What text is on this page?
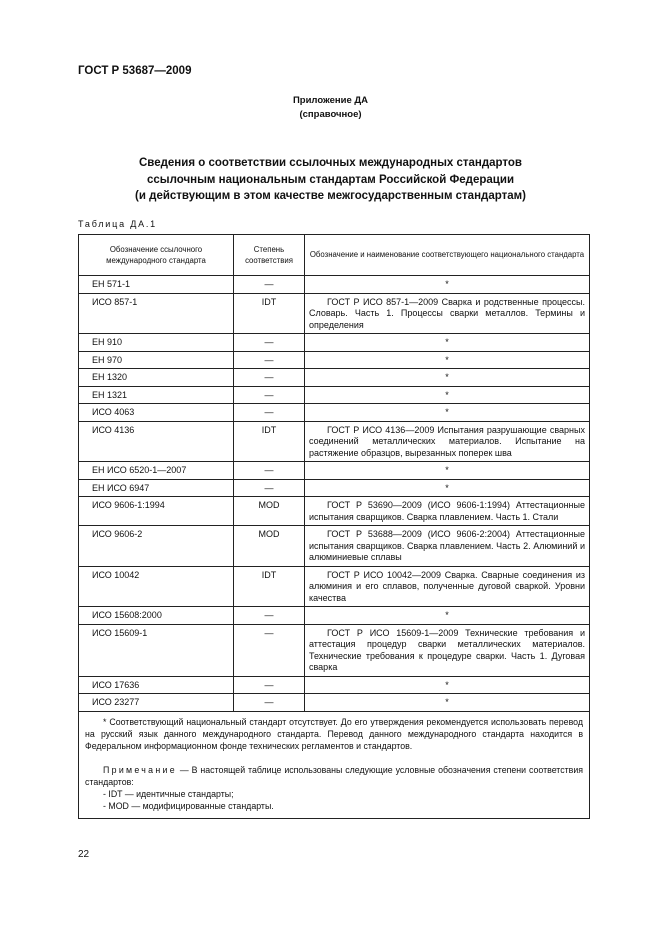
ГОСТ Р 53687—2009
Приложение ДА
(справочное)
Сведения о соответствии ссылочных международных стандартов
ссылочным национальным стандартам Российской Федерации
(и действующим в этом качестве межгосударственным стандартам)
Таблица ДА.1
Обозначение ссылочного международного стандарта	Степень соответствия	Обозначение и наименование соответствующего национального стандарта
ЕН 571-1	—	*
ИСО 857-1	IDT	ГОСТ Р ИСО 857-1—2009 Сварка и родственные процессы. Словарь. Часть 1. Процессы сварки металлов. Термины и определения
ЕН 910	—	*
ЕН 970	—	*
ЕН 1320	—	*
ЕН 1321	—	*
ИСО 4063	—	*
ИСО 4136	IDT	ГОСТ Р ИСО 4136—2009 Испытания разрушающие сварных соединений металлических материалов. Испытание на растяжение образцов, вырезанных поперек шва
ЕН ИСО 6520-1—2007	—	*
ЕН ИСО 6947	—	*
ИСО 9606-1:1994	MOD	ГОСТ Р 53690—2009 (ИСО 9606-1:1994) Аттестационные испытания сварщиков. Сварка плавлением. Часть 1. Стали
ИСО 9606-2	MOD	ГОСТ Р 53688—2009 (ИСО 9606-2:2004) Аттестационные испытания сварщиков. Сварка плавлением. Часть 2. Алюминий и алюминиевые сплавы
ИСО 10042	IDT	ГОСТ Р ИСО 10042—2009 Сварка. Сварные соединения из алюминия и его сплавов, полученные дуговой сваркой. Уровни качества
ИСО 15608:2000	—	*
ИСО 15609-1	—	ГОСТ Р ИСО 15609-1—2009 Технические требования и аттестация процедур сварки металлических материалов. Технические требования к процедуре сварки. Часть 1. Дуговая сварка
ИСО 17636	—	*
ИСО 23277	—	*

* Соответствующий национальный стандарт отсутствует. До его утверждения рекомендуется использовать перевод на русский язык данного международного стандарта. Перевод данного международного стандарта находится в Федеральном информационном фонде технических регламентов и стандартов.

Примечание — В настоящей таблице использованы следующие условные обозначения степени соответствия стандартов:

- IDT — идентичные стандарты;

- MOD — модифицированные стандарты.		

22
